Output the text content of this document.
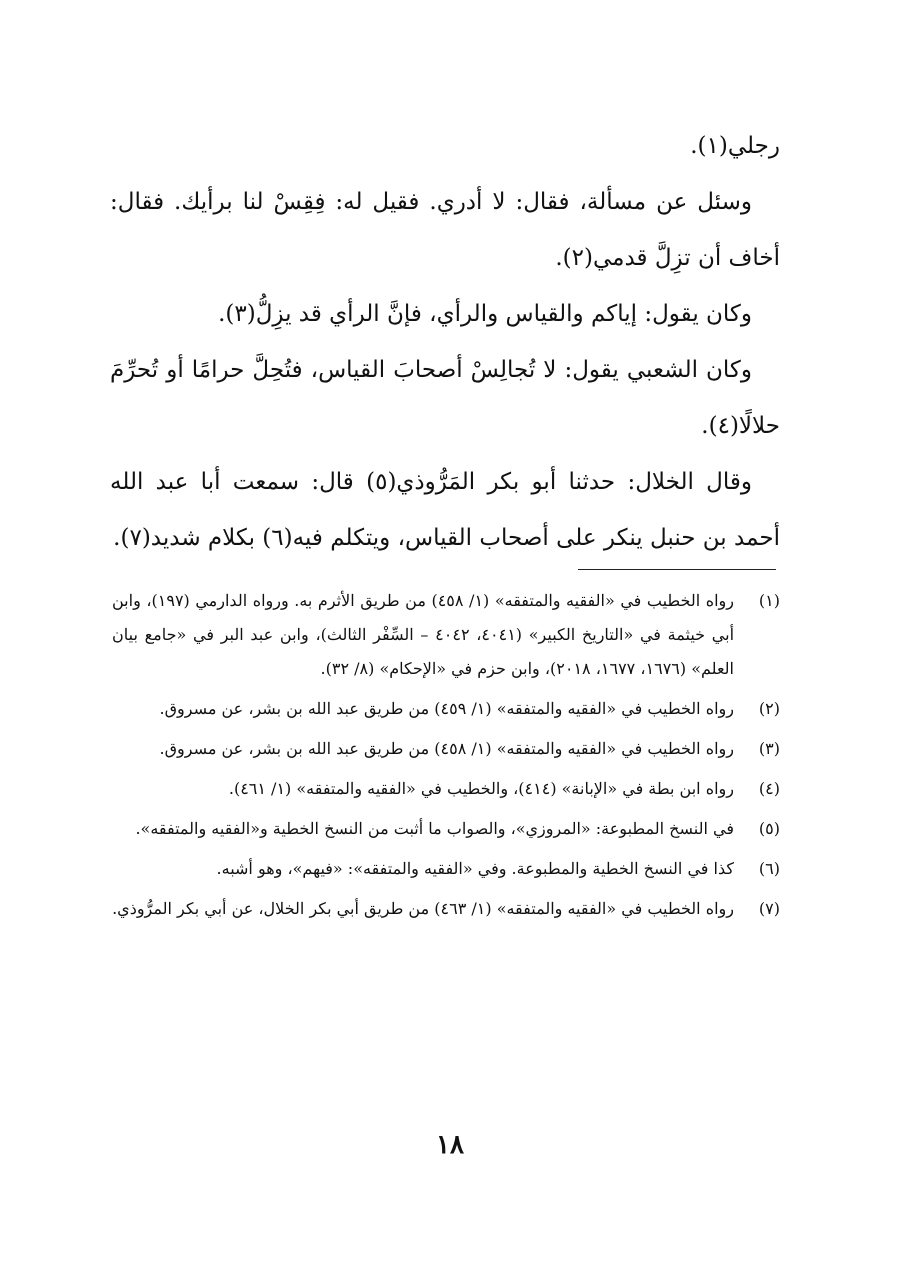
رجلي(١).

وسئل عن مسألة، فقال: لا أدري. فقيل له: فِقِسْ لنا برأيك. فقال: أخاف أن تزِلَّ قدمي(٢).

وكان يقول: إياكم والقياس والرأي، فإنَّ الرأي قد يزِلُّ(٣).

وكان الشعبي يقول: لا تُجالِسْ أصحابَ القياس، فتُحِلَّ حرامًا أو تُحرِّمَ حلالًا(٤).

وقال الخلال: حدثنا أبو بكر المَرُّوذي(٥) قال: سمعت أبا عبد الله أحمد بن حنبل ينكر على أصحاب القياس، ويتكلم فيه(٦) بكلام شديد(٧).

(١)
رواه الخطيب في «الفقيه والمتفقه» (١/ ٤٥٨) من طريق الأثرم به. ورواه الدارمي (١٩٧)، وابن أبي خيثمة في «التاريخ الكبير» (٤٠٤١، ٤٠٤٢ – السِّفْر الثالث)، وابن عبد البر في «جامع بيان العلم» (١٦٧٦، ١٦٧٧، ٢٠١٨)، وابن حزم في «الإحكام» (٨/ ٣٢).
(٢)
رواه الخطيب في «الفقيه والمتفقه» (١/ ٤٥٩) من طريق عبد الله بن بشر، عن مسروق.
(٣)
رواه الخطيب في «الفقيه والمتفقه» (١/ ٤٥٨) من طريق عبد الله بن بشر، عن مسروق.
(٤)
رواه ابن بطة في «الإبانة» (٤١٤)، والخطيب في «الفقيه والمتفقه» (١/ ٤٦١).
(٥)
في النسخ المطبوعة: «المروزي»، والصواب ما أثبت من النسخ الخطية و«الفقيه والمتفقه».
(٦)
كذا في النسخ الخطية والمطبوعة. وفي «الفقيه والمتفقه»: «فيهم»، وهو أشبه.
(٧)
رواه الخطيب في «الفقيه والمتفقه» (١/ ٤٦٣) من طريق أبي بكر الخلال، عن أبي بكر المرُّوذي.
١٨
